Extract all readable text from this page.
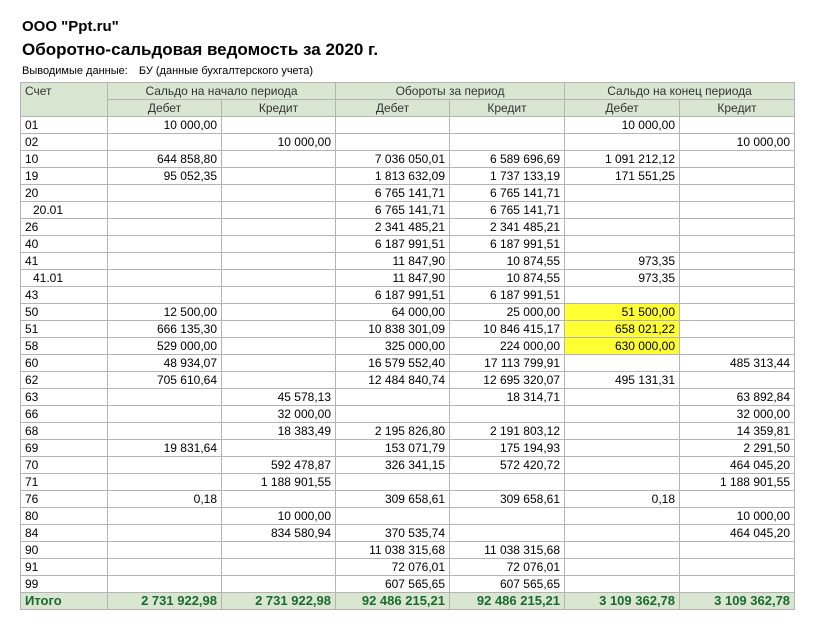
ООО "Ppt.ru"
Оборотно-сальдовая ведомость за 2020 г.
Выводимые данные: БУ (данные бухгалтерского учета)
Счет	Сальдо на начало периода		Обороты за период		Сальдо на конец периода	
	Дебет	Кредит	Дебет	Кредит	Дебет	Кредит
01	10 000,00				10 000,00	
02		10 000,00				10 000,00
10	644 858,80		7 036 050,01	6 589 696,69	1 091 212,12	
19	95 052,35		1 813 632,09	1 737 133,19	171 551,25	
20			6 765 141,71	6 765 141,71		
20.01			6 765 141,71	6 765 141,71		
26			2 341 485,21	2 341 485,21		
40			6 187 991,51	6 187 991,51		
41			11 847,90	10 874,55	973,35	
41.01			11 847,90	10 874,55	973,35	
43			6 187 991,51	6 187 991,51		
50	12 500,00		64 000,00	25 000,00	51 500,00	
51	666 135,30		10 838 301,09	10 846 415,17	658 021,22	
58	529 000,00		325 000,00	224 000,00	630 000,00	
60	48 934,07		16 579 552,40	17 113 799,91		485 313,44
62	705 610,64		12 484 840,74	12 695 320,07	495 131,31	
63		45 578,13		18 314,71		63 892,84
66		32 000,00				32 000,00
68		18 383,49	2 195 826,80	2 191 803,12		14 359,81
69	19 831,64		153 071,79	175 194,93		2 291,50
70		592 478,87	326 341,15	572 420,72		464 045,20
71		1 188 901,55				1 188 901,55
76	0,18		309 658,61	309 658,61	0,18	
80		10 000,00				10 000,00
84		834 580,94	370 535,74			464 045,20
90			11 038 315,68	11 038 315,68		
91			72 076,01	72 076,01		
99			607 565,65	607 565,65		
Итого	2 731 922,98	2 731 922,98	92 486 215,21	92 486 215,21	3 109 362,78	3 109 362,78
